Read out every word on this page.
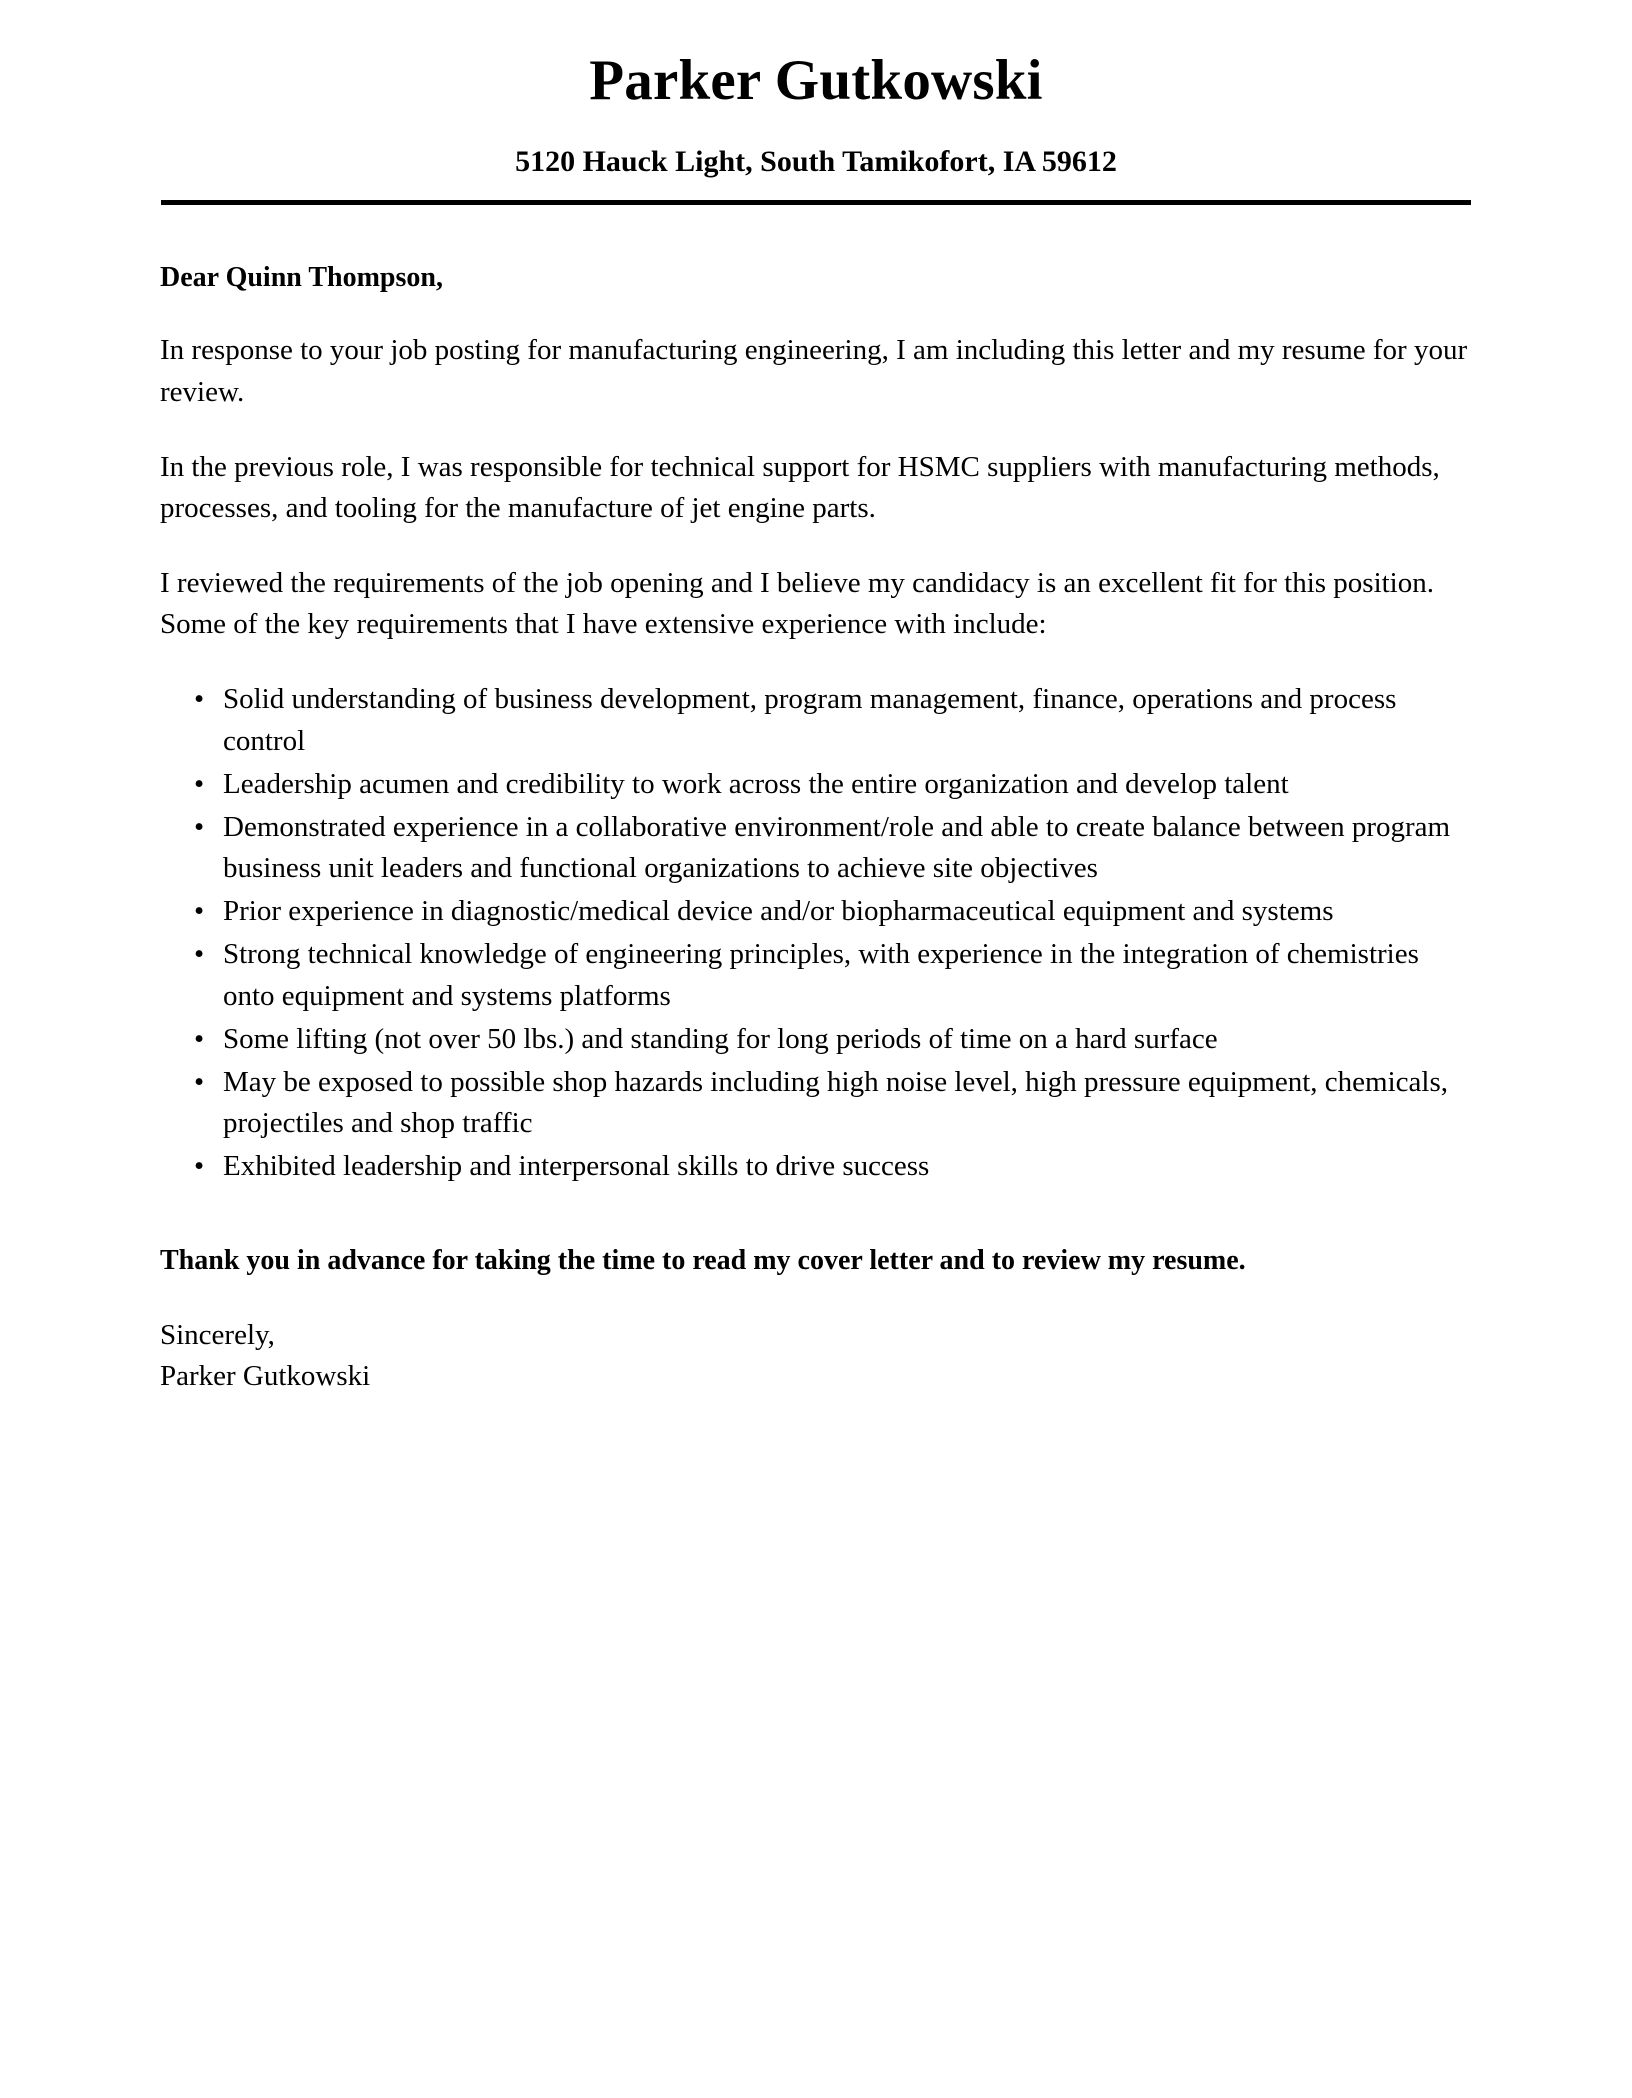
Parker Gutkowski
5120 Hauck Light, South Tamikofort, IA 59612

Dear Quinn Thompson,

In response to your job posting for manufacturing engineering, I am including this letter and my resume for your review.

In the previous role, I was responsible for technical support for HSMC suppliers with manufacturing methods, processes, and tooling for the manufacture of jet engine parts.

I reviewed the requirements of the job opening and I believe my candidacy is an excellent fit for this position. Some of the key requirements that I have extensive experience with include:

• Solid understanding of business development, program management, finance, operations and process control
• Leadership acumen and credibility to work across the entire organization and develop talent
• Demonstrated experience in a collaborative environment/role and able to create balance between program business unit leaders and functional organizations to achieve site objectives
• Prior experience in diagnostic/medical device and/or biopharmaceutical equipment and systems
• Strong technical knowledge of engineering principles, with experience in the integration of chemistries onto equipment and systems platforms
• Some lifting (not over 50 lbs.) and standing for long periods of time on a hard surface
• May be exposed to possible shop hazards including high noise level, high pressure equipment, chemicals, projectiles and shop traffic
• Exhibited leadership and interpersonal skills to drive success

Thank you in advance for taking the time to read my cover letter and to review my resume.

Sincerely,

Parker Gutkowski
